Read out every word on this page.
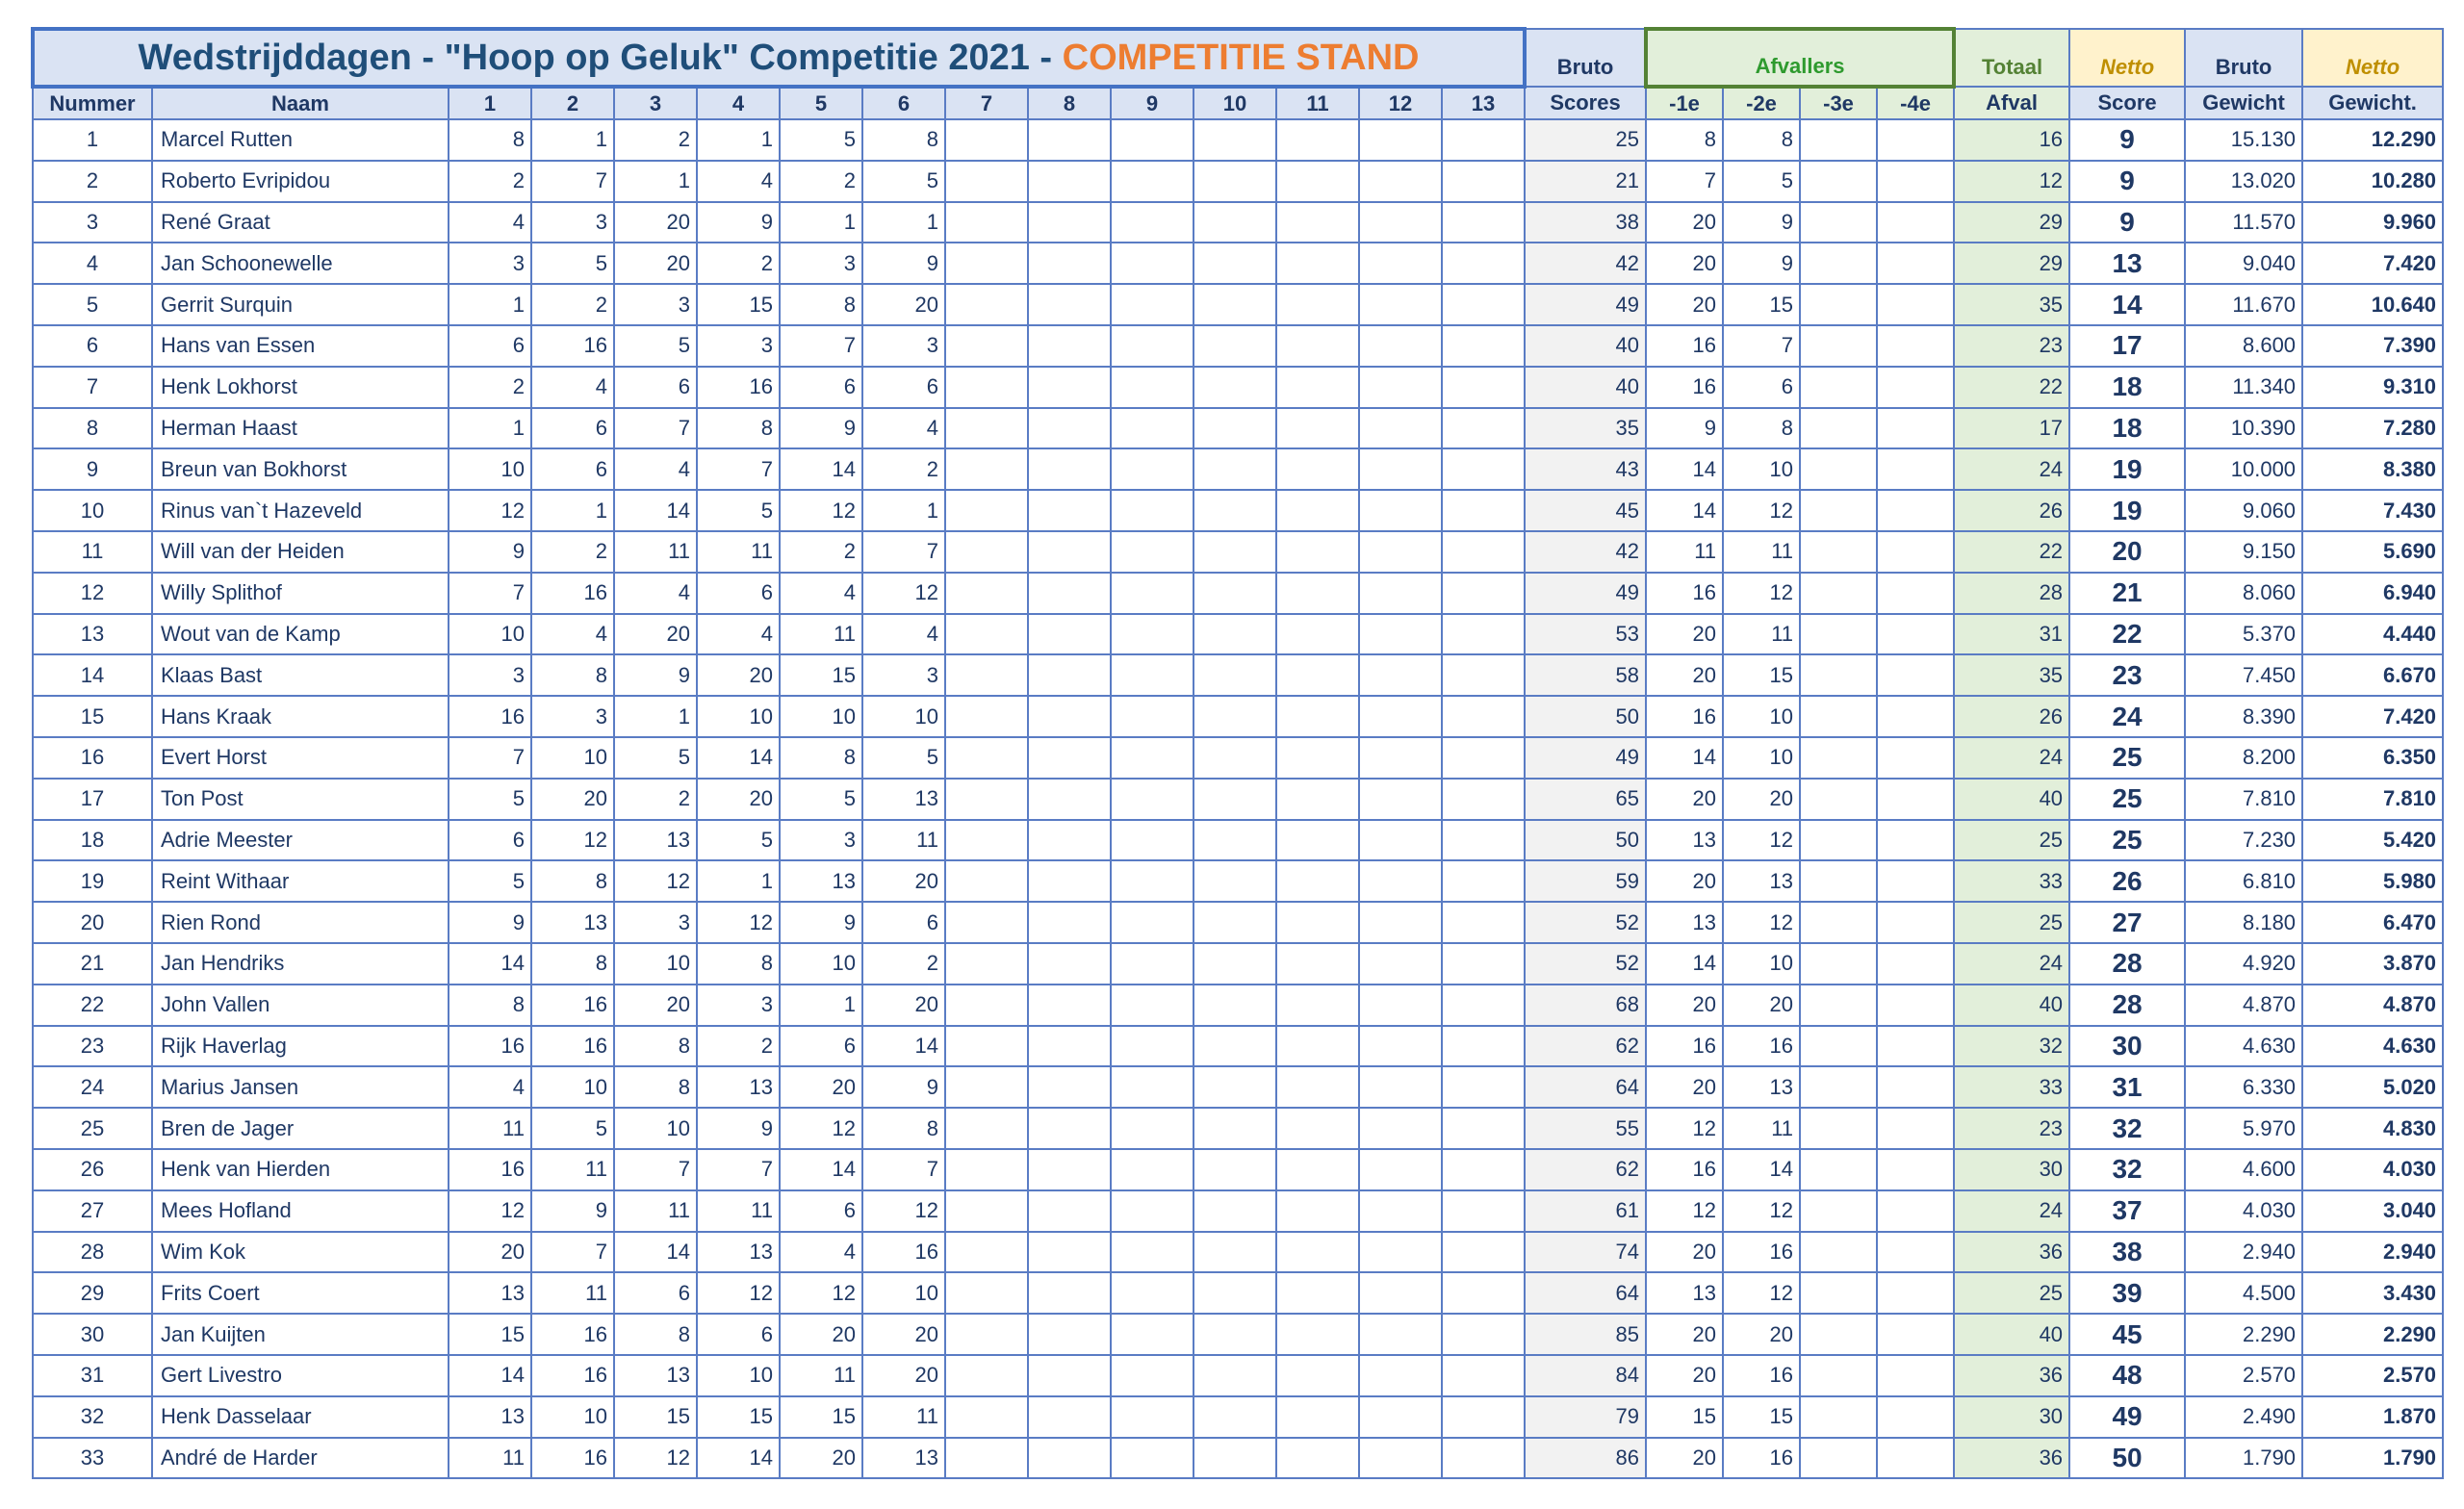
Wedstrijddagen - "Hoop op Geluk" Competitie 2021 - COMPETITIE STAND															Bruto	Afvallers				Totaal	Netto	Bruto	Netto
Nummer	Naam	1	2	3	4	5	6	7	8	9	10	11	12	13	Scores	-1e	-2e	-3e	-4e	Afval	Score	Gewicht	Gewicht.
1	Marcel Rutten	8	1	2	1	5	8								25	8	8			16	9	15.130	12.290
2	Roberto Evripidou	2	7	1	4	2	5								21	7	5			12	9	13.020	10.280
3	René Graat	4	3	20	9	1	1								38	20	9			29	9	11.570	9.960
4	Jan Schoonewelle	3	5	20	2	3	9								42	20	9			29	13	9.040	7.420
5	Gerrit Surquin	1	2	3	15	8	20								49	20	15			35	14	11.670	10.640
6	Hans van Essen	6	16	5	3	7	3								40	16	7			23	17	8.600	7.390
7	Henk Lokhorst	2	4	6	16	6	6								40	16	6			22	18	11.340	9.310
8	Herman Haast	1	6	7	8	9	4								35	9	8			17	18	10.390	7.280
9	Breun van Bokhorst	10	6	4	7	14	2								43	14	10			24	19	10.000	8.380
10	Rinus van`t Hazeveld	12	1	14	5	12	1								45	14	12			26	19	9.060	7.430
11	Will van der Heiden	9	2	11	11	2	7								42	11	11			22	20	9.150	5.690
12	Willy Splithof	7	16	4	6	4	12								49	16	12			28	21	8.060	6.940
13	Wout van de Kamp	10	4	20	4	11	4								53	20	11			31	22	5.370	4.440
14	Klaas Bast	3	8	9	20	15	3								58	20	15			35	23	7.450	6.670
15	Hans Kraak	16	3	1	10	10	10								50	16	10			26	24	8.390	7.420
16	Evert Horst	7	10	5	14	8	5								49	14	10			24	25	8.200	6.350
17	Ton Post	5	20	2	20	5	13								65	20	20			40	25	7.810	7.810
18	Adrie Meester	6	12	13	5	3	11								50	13	12			25	25	7.230	5.420
19	Reint Withaar	5	8	12	1	13	20								59	20	13			33	26	6.810	5.980
20	Rien Rond	9	13	3	12	9	6								52	13	12			25	27	8.180	6.470
21	Jan Hendriks	14	8	10	8	10	2								52	14	10			24	28	4.920	3.870
22	John Vallen	8	16	20	3	1	20								68	20	20			40	28	4.870	4.870
23	Rijk Haverlag	16	16	8	2	6	14								62	16	16			32	30	4.630	4.630
24	Marius Jansen	4	10	8	13	20	9								64	20	13			33	31	6.330	5.020
25	Bren de Jager	11	5	10	9	12	8								55	12	11			23	32	5.970	4.830
26	Henk van Hierden	16	11	7	7	14	7								62	16	14			30	32	4.600	4.030
27	Mees Hofland	12	9	11	11	6	12								61	12	12			24	37	4.030	3.040
28	Wim Kok	20	7	14	13	4	16								74	20	16			36	38	2.940	2.940
29	Frits Coert	13	11	6	12	12	10								64	13	12			25	39	4.500	3.430
30	Jan Kuijten	15	16	8	6	20	20								85	20	20			40	45	2.290	2.290
31	Gert Livestro	14	16	13	10	11	20								84	20	16			36	48	2.570	2.570
32	Henk Dasselaar	13	10	15	15	15	11								79	15	15			30	49	2.490	1.870
33	André de Harder	11	16	12	14	20	13								86	20	16			36	50	1.790	1.790
